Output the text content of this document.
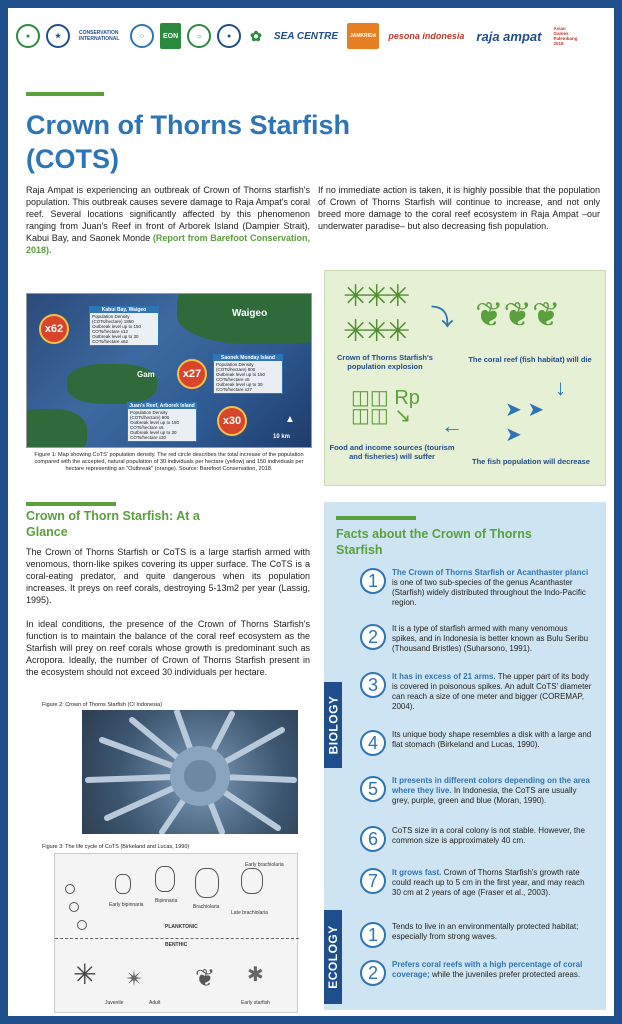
●	★	CONSERVATION INTERNATIONAL	○	EON	☼	●	✿	SEA CENTRE	JAMKRIDA	pesona indonesia raja ampat	Asian Games Palembang 2018
Crown of Thorns Starfish (COTS)
Raja Ampat is experiencing an outbreak of Crown of Thorns starfish's population. This outbreak causes severe damage to Raja Ampat's coral reef. Several locations significantly affected by this phenomenon ranging from Juan's Reef in front of Arborek Island (Dampier Strait), Kabui Bay, and Saonek Monde (Report from Barefoot Conservation, 2018).
If no immediate action is taken, it is highly possible that the population of Crown of Thorns Starfish will continue to increase, and not only breed more damage to the coral reef ecosystem in Raja Ampat –our underwater paradise– but also decreasing fish population.
Waigeo
Gam
10 km
x62
x27
x30
Kabui Bay, Waigeo
Population Density (COTs/hectare) 1850
Outbreak level up to 150 COTs/hectare x12
Outbreak level up to 30 COTs/hectare x62
Saonek Monday Island
Population Density (COTs/hectare) 800
Outbreak level up to 150 COTs/hectare x5
Outbreak level up to 30 COTs/hectare x27
Juan's Reef, Arborek Island
Population Density (COTs/hectare) 900
Outbreak level up to 150 COTs/hectare x6
Outbreak level up to 30 COTs/hectare x30
▲
Figure 1: Map showing CoTS' population density. The red circle describes the total increase of the population compared with the accepted, natural population of 30 individuals per hectare (yellow) and 150 individuals per hectare representing an "Outbreak" (orange). Source: Barefoot Conservation, 2018.
✳✳✳
✳✳✳ ⤵ ❦❦❦
Crown of Thorns Starfish's population explosion
The coral reef (fish habitat) will die
↓
➤ ➤
➤
←
◫◫ Rp
◫◫ ↘
Food and income sources (tourism and fisheries) will suffer
The fish population will decrease
Crown of Thorn Starfish: At a Glance
The Crown of Thorns Starfish or CoTS is a large starfish armed with venomous, thorn-like spikes covering its upper surface. The CoTS is a coral-eating predator, and quite dangerous when its population increases. It preys on reef corals, destroying 5-13m2 per year (Lassig, 1995).
In ideal conditions, the presence of the Crown of Thorns Starfish's function is to maintain the balance of the coral reef ecosystem as the Starfish will prey on reef corals whose growth is predominant such as Acropora. Ideally, the number of Crown of Thorns Starfish present in the ecosystem should not exceed 30 individuals per hectare.
Figure 2: Crown of Thorns Starfish (CI Indonesia)
Figure 3: The life cycle of CoTS (Birkeland and Lucas, 1990)
Early bipinnaria
Bipinnaria
Brachiolaria
Early brachiolaria
PLANKTONIC
Late brachiolaria
BENTHIC
Juvenile	Adult	Early starfish
✳ ✴ ❦ ✱
Facts about the Crown of Thorns Starfish
BIOLOGY
ECOLOGY
1	The Crown of Thorns Starfish or Acanthaster planci is one of two sub-species of the genus Acanthaster (Starfish) widely distributed throughout the Indo-Pacific region.
2	It is a type of starfish armed with many venomous spikes, and in Indonesia is better known as Bulu Seribu (Thousand Bristles) (Suharsono, 1991).
3	It has in excess of 21 arms. The upper part of its body is covered in poisonous spikes. An adult CoTS' diameter can reach a size of one meter and bigger (COREMAP, 2004).
4	Its unique body shape resembles a disk with a large and flat stomach (Birkeland and Lucas, 1990).
5	It presents in different colors depending on the area where they live. In Indonesia, the CoTS are usually grey, purple, green and blue (Moran, 1990).
6	CoTS size in a coral colony is not stable. However, the common size is approximately 40 cm.
7	It grows fast. Crown of Thorns Starfish's growth rate could reach up to 5 cm in the first year, and may reach 30 cm at 2 years of age (Fraser et al., 2003).
1	Tends to live in an environmentally protected habitat; especially from strong waves.
2	Prefers coral reefs with a high percentage of coral coverage; while the juveniles prefer protected areas.
